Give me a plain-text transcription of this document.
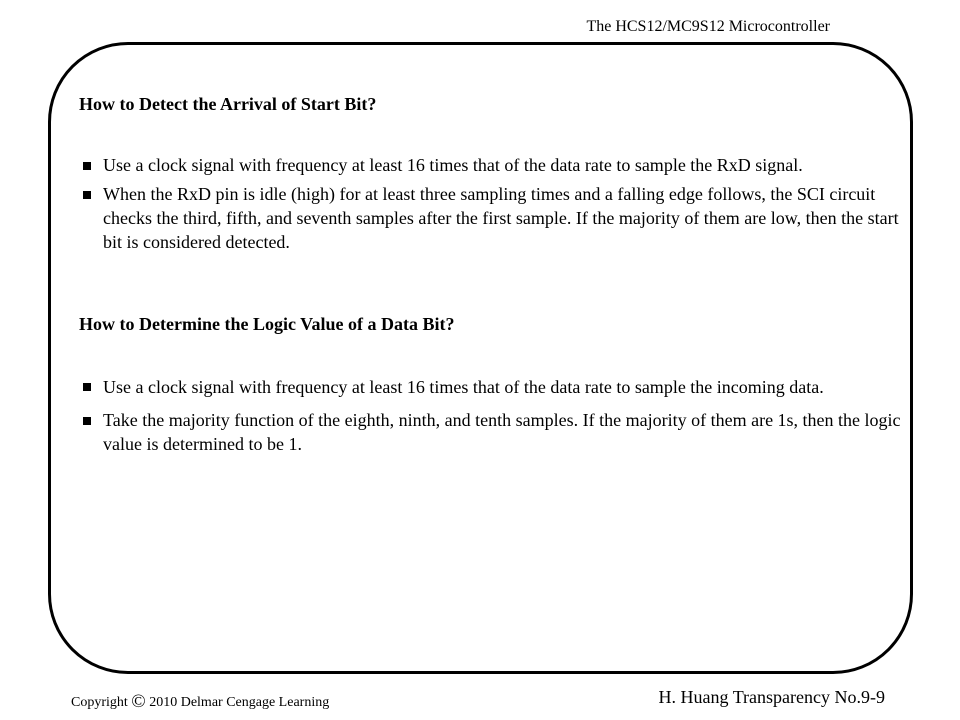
The HCS12/MC9S12 Microcontroller
How to Detect the Arrival of Start Bit?
Use a clock signal with frequency at least 16 times that of the data rate to sample the RxD signal.
When the RxD pin is idle (high) for at least three sampling times and a falling edge follows, the SCI circuit checks the third, fifth, and seventh samples after the first sample. If the majority of them are low, then the start bit is considered detected.
How to Determine the Logic Value of a Data Bit?
Use a clock signal with frequency at least 16 times that of the data rate to sample the incoming data.
Take the majority function of the eighth, ninth, and tenth samples. If the majority of them are 1s, then the logic value is determined to be 1.
Copyright © 2010 Delmar Cengage Learning	H. Huang Transparency No.9-9
